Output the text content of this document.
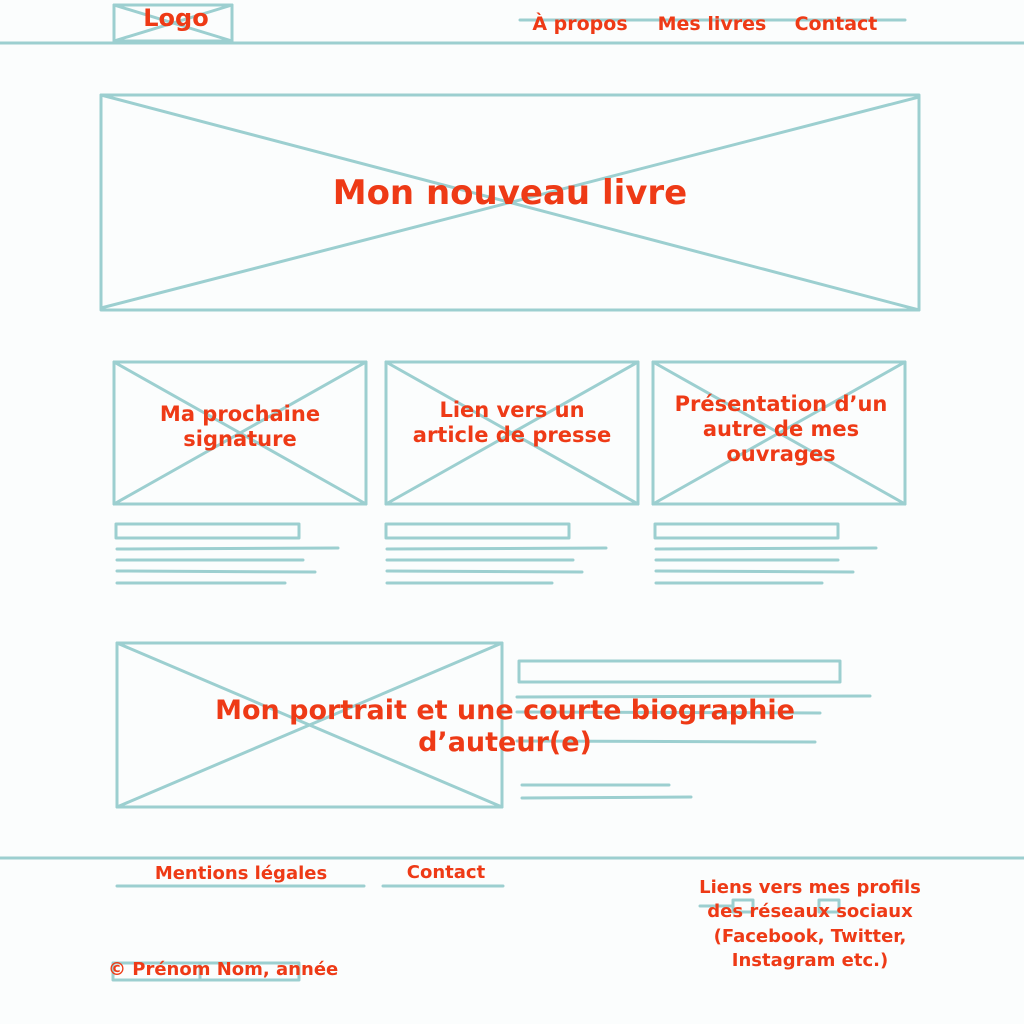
Logo	À propos	Mes livres	Contact
Mon nouveau livre
Ma prochaine
signature
Lien vers un
article de presse
Présentation d’un
autre de mes
ouvrages
Mon portrait et une courte biographie
d’auteur(e)
Mentions légales	Contact
© Prénom Nom, année
Liens vers mes profils
des réseaux sociaux
(Facebook, Twitter,
Instagram etc.)
